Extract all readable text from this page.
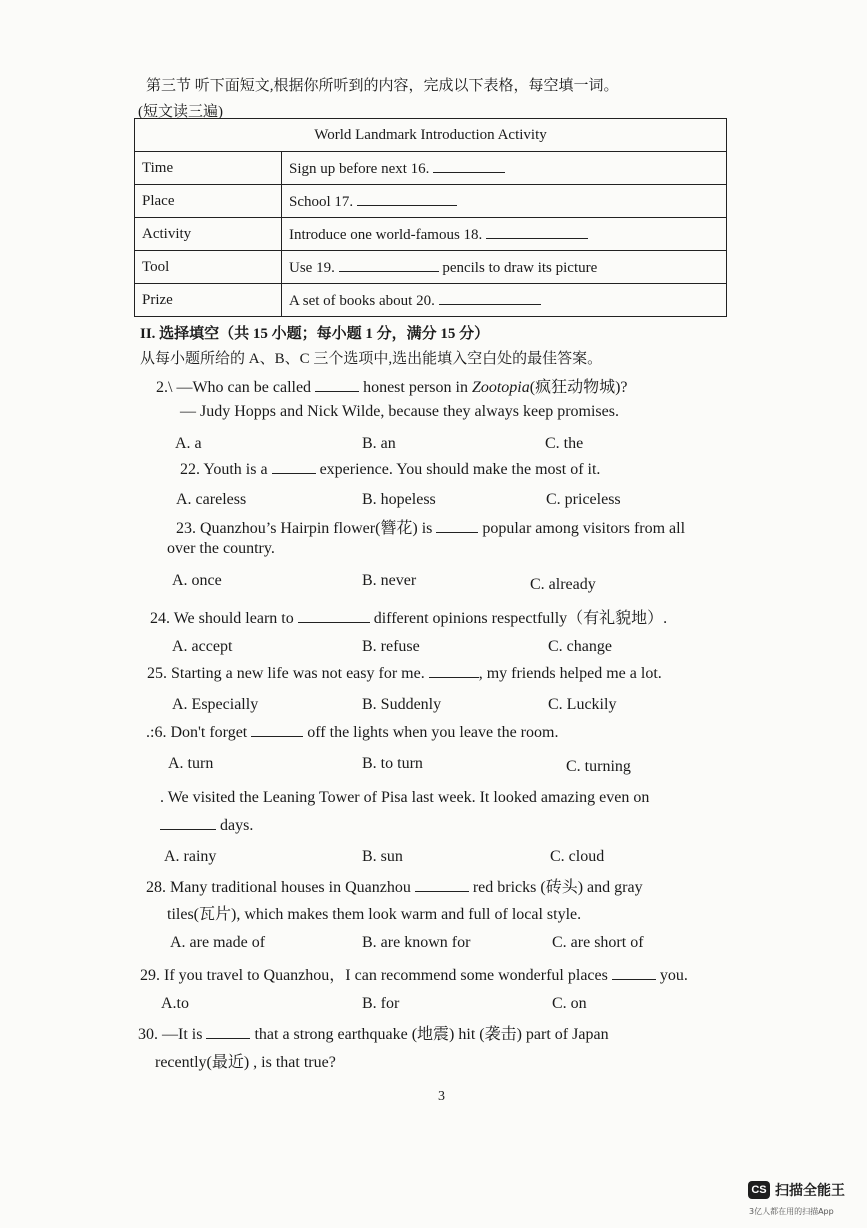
第三节 听下面短文,根据你所听到的内容，完成以下表格，每空填一词。
(短文读三遍)
World Landmark Introduction Activity	
Time	Sign up before next 16.
Place	School 17.
Activity	Introduce one world-famous 18.
Tool	Use 19. pencils to draw its picture
Prize	A set of books about 20.
II. 选择填空（共 15 小题；每小题 1 分，满分 15 分）
从每小题所给的 A、B、C 三个选项中,选出能填入空白处的最佳答案。
2.\ —Who can be called	honest person in Zootopia(疯狂动物城)?
— Judy Hopps and Nick Wilde, because they always keep promises.
A. a	B. an	C. the
22. Youth is a	experience. You should make the most of it.
A. careless	B. hopeless	C. priceless
23. Quanzhou’s Hairpin flower(簪花) is	popular among visitors from all
over the country.
A. once	B. never	C. already
24. We should learn to	different opinions respectfully（有礼貌地）.
A. accept	B. refuse	C. change
25. Starting a new life was not easy for me.	, my friends helped me a lot.
A. Especially	B. Suddenly	C. Luckily
.:6. Don't forget	off the lights when you leave the room.
A. turn	B. to turn	C. turning
. We visited the Leaning Tower of Pisa last week. It looked amazing even on
days.
A. rainy	B. sun	C. cloud
28. Many traditional houses in Quanzhou	red bricks (砖头) and gray
tiles(瓦片), which makes them look warm and full of local style.
A. are made of	B. are known for	C. are short of
29. If you travel to Quanzhou，I can recommend some wonderful places	you.
A.to	B. for	C. on
30. —It is	that a strong earthquake (地震) hit (袭击) part of Japan
recently(最近) , is that true?
3
CS 扫描全能王
3亿人都在用的扫描App
